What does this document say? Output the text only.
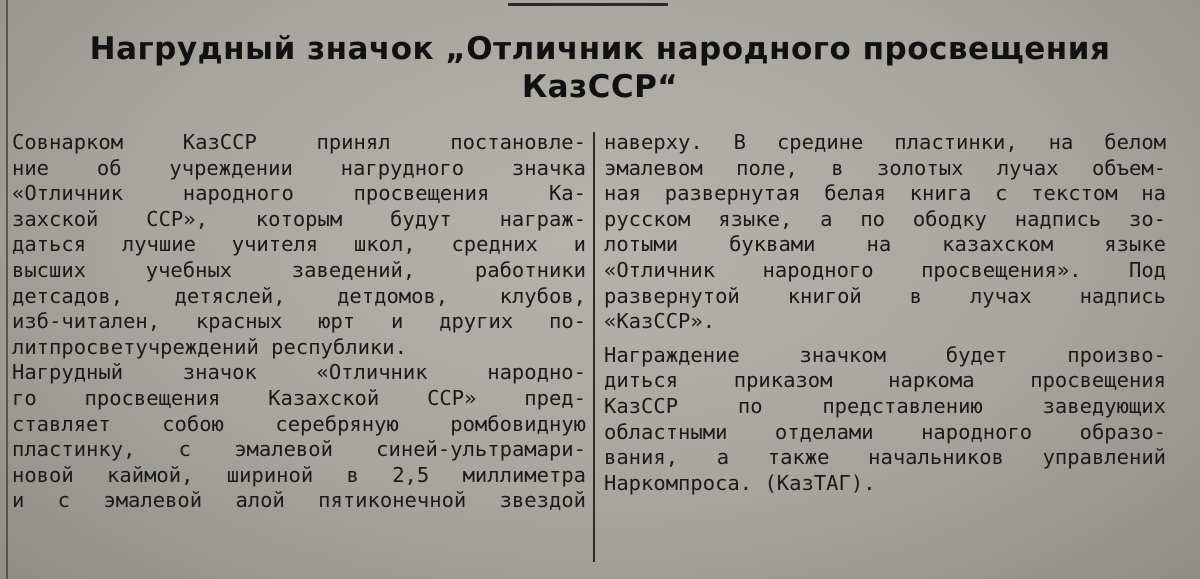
Нагрудный значок „Отличник народного просвещения
КазССР“
Совнарком КазССР принял постановле-
ние об учреждении нагрудного значка
«Отличник народного просвещения Ка-
захской ССР», которым будут награж-
даться лучшие учителя школ, средних и
высших учебных заведений, работники
детсадов, детяслей, детдомов, клубов,
изб-читален, красных юрт и других по-
литпросветучреждений республики.
Нагрудный значок «Отличник народно-
го просвещения Казахской ССР» пред-
ставляет собою серебряную ромбовидную
пластинку, с эмалевой синей-ультрамари-
новой каймой, шириной в 2,5 миллиметра
и с эмалевой алой пятиконечной звездой
наверху. В средине пластинки, на белом
эмалевом поле, в золотых лучах объем-
ная развернутая белая книга с текстом на
русском языке, а по ободку надпись зо-
лотыми буквами на казахском языке
«Отличник народного просвещения». Под
развернутой книгой в лучах надпись
«КазССР».
Награждение значком будет произво-
диться приказом наркома просвещения
КазССР по представлению заведующих
областными отделами народного образо-
вания, а также начальников управлений
Наркомпроса. (КазТАГ).
